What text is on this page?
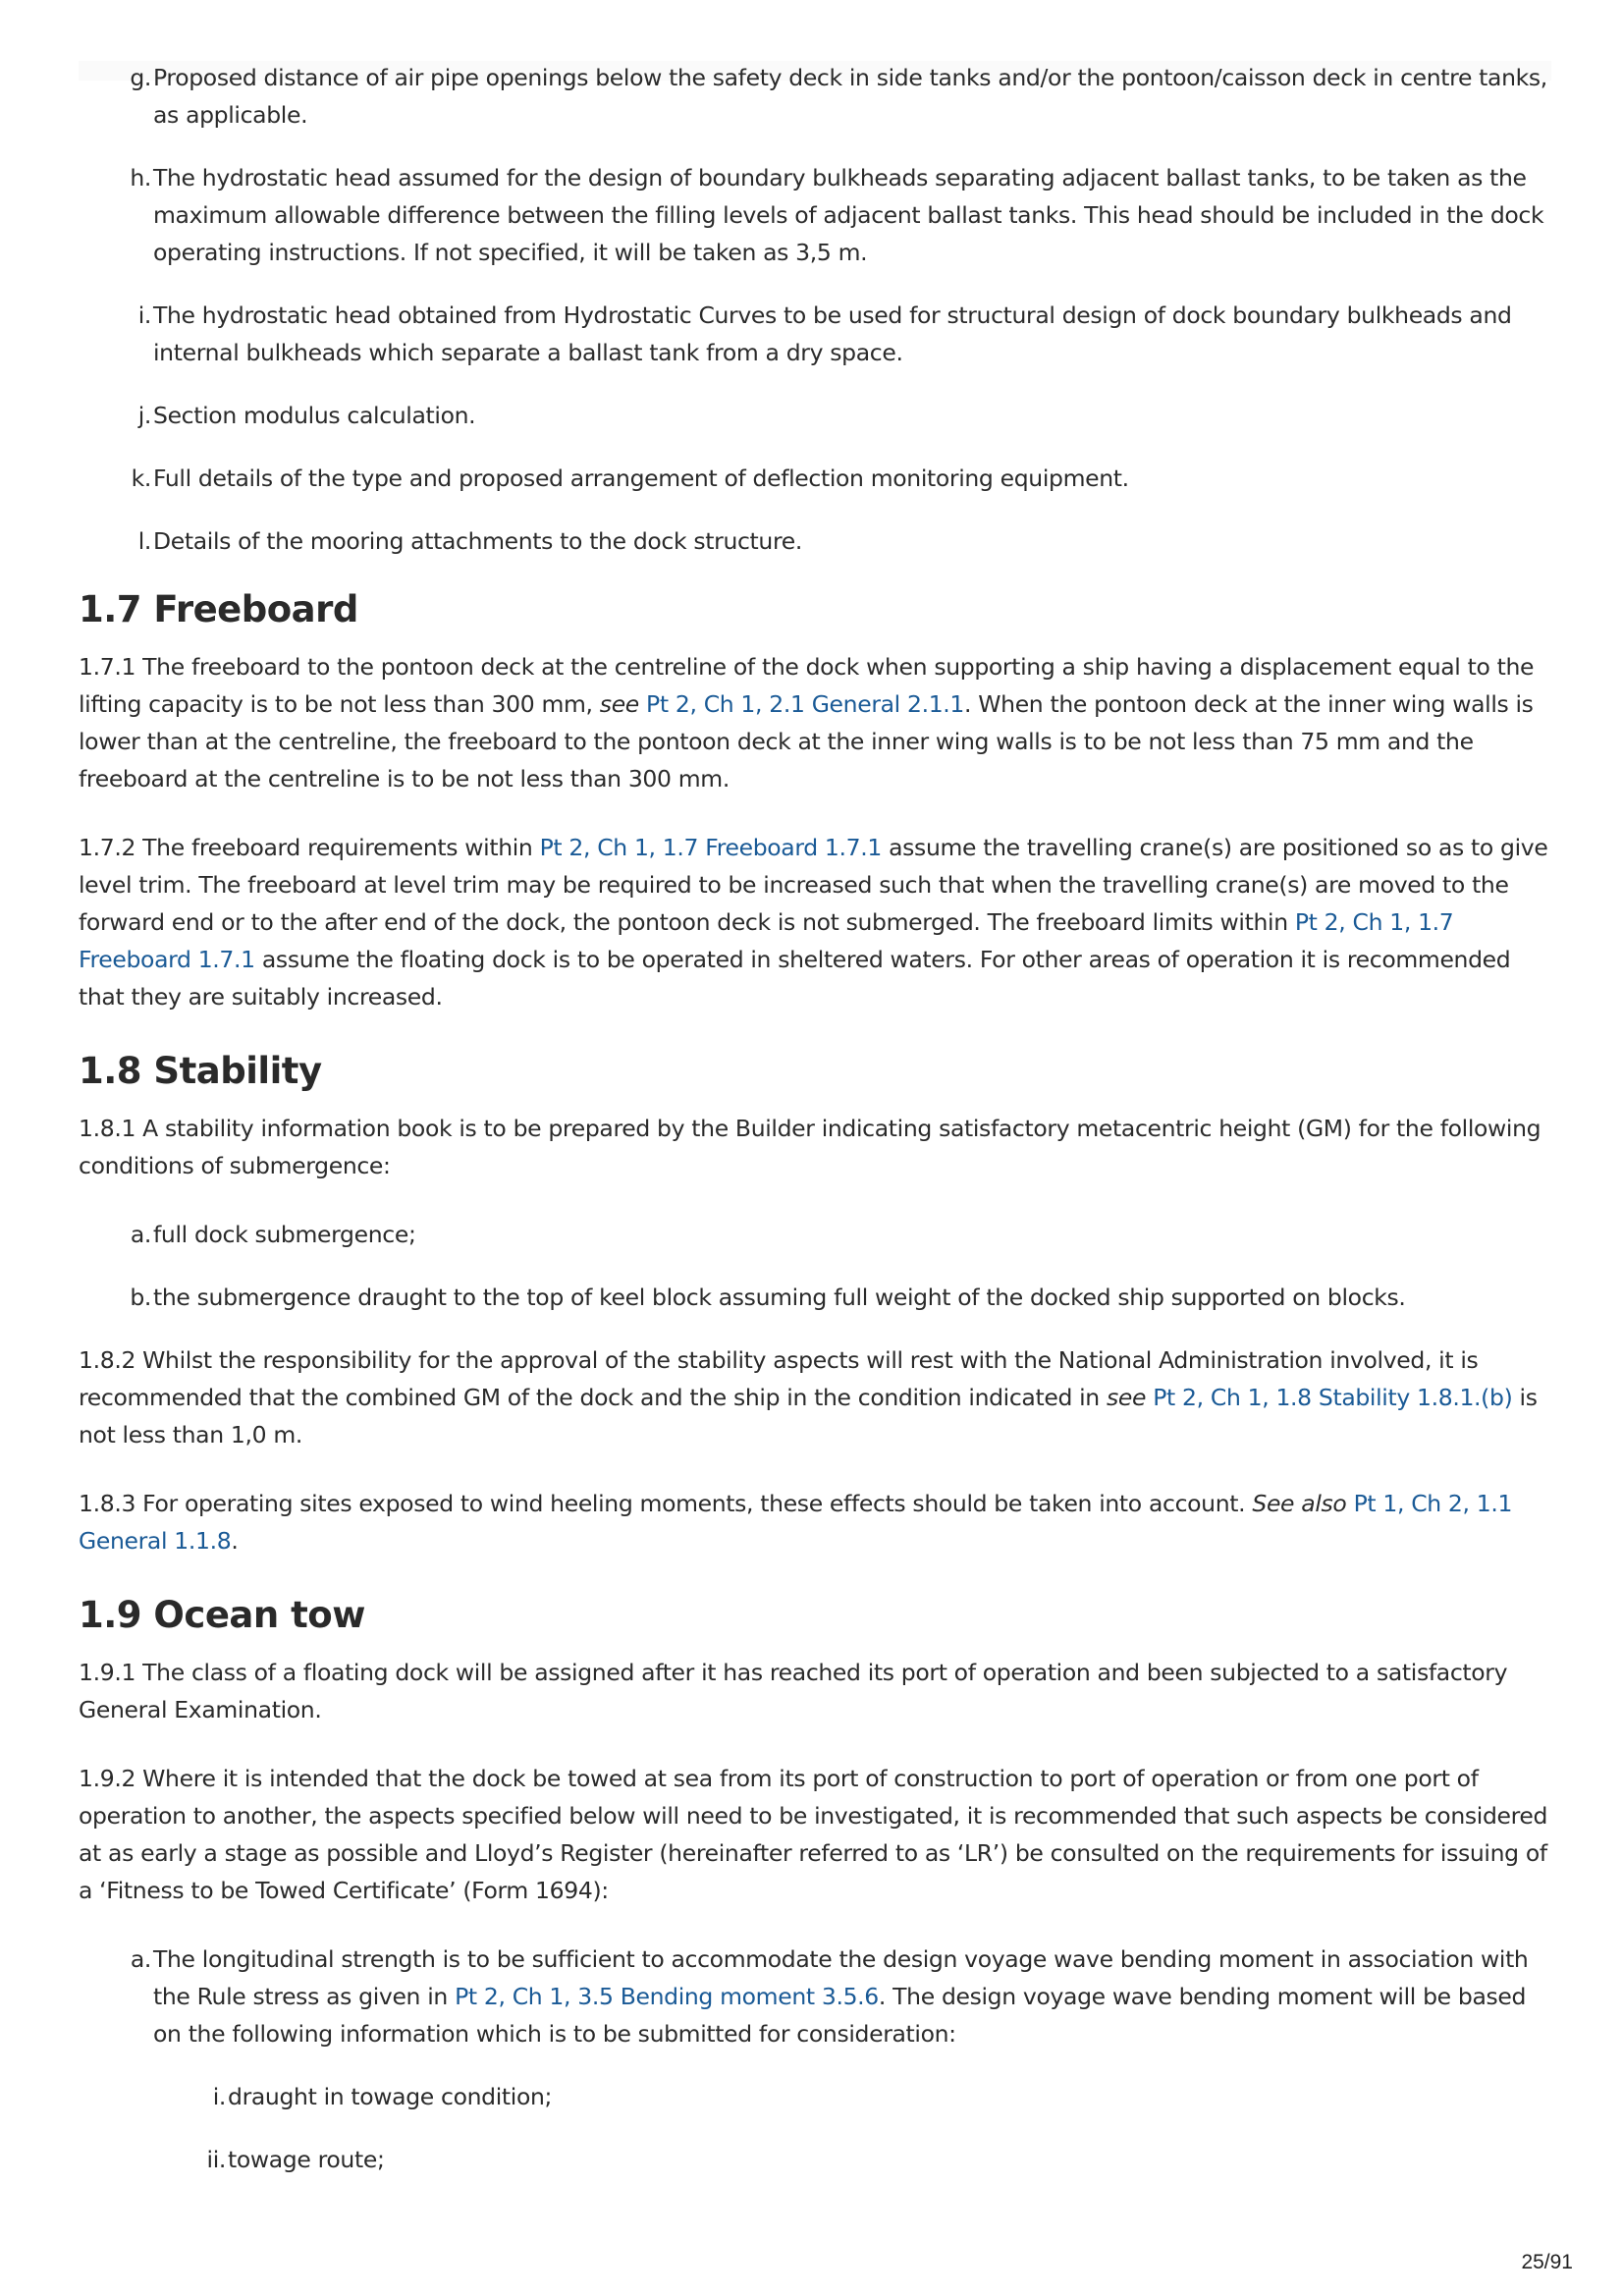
g. Proposed distance of air pipe openings below the safety deck in side tanks and/or the pontoon/caisson deck in centre tanks, as applicable.
h. The hydrostatic head assumed for the design of boundary bulkheads separating adjacent ballast tanks, to be taken as the maximum allowable difference between the filling levels of adjacent ballast tanks. This head should be included in the dock operating instructions. If not specified, it will be taken as 3,5 m.
i. The hydrostatic head obtained from Hydrostatic Curves to be used for structural design of dock boundary bulkheads and internal bulkheads which separate a ballast tank from a dry space.
j. Section modulus calculation.
k. Full details of the type and proposed arrangement of deflection monitoring equipment.
l. Details of the mooring attachments to the dock structure.
1.7 Freeboard

1.7.1 The freeboard to the pontoon deck at the centreline of the dock when supporting a ship having a displacement equal to the lifting capacity is to be not less than 300 mm, see Pt 2, Ch 1, 2.1 General 2.1.1. When the pontoon deck at the inner wing walls is lower than at the centreline, the freeboard to the pontoon deck at the inner wing walls is to be not less than 75 mm and the freeboard at the centreline is to be not less than 300 mm.

1.7.2 The freeboard requirements within Pt 2, Ch 1, 1.7 Freeboard 1.7.1 assume the travelling crane(s) are positioned so as to give level trim. The freeboard at level trim may be required to be increased such that when the travelling crane(s) are moved to the forward end or to the after end of the dock, the pontoon deck is not submerged. The freeboard limits within Pt 2, Ch 1, 1.7 Freeboard 1.7.1 assume the floating dock is to be operated in sheltered waters. For other areas of operation it is recommended that they are suitably increased.

1.8 Stability

1.8.1 A stability information book is to be prepared by the Builder indicating satisfactory metacentric height (GM) for the following conditions of submergence:

a. full dock submergence;
b. the submergence draught to the top of keel block assuming full weight of the docked ship supported on blocks.

1.8.2 Whilst the responsibility for the approval of the stability aspects will rest with the National Administration involved, it is recommended that the combined GM of the dock and the ship in the condition indicated in see Pt 2, Ch 1, 1.8 Stability 1.8.1.(b) is not less than 1,0 m.

1.8.3 For operating sites exposed to wind heeling moments, these effects should be taken into account. See also Pt 1, Ch 2, 1.1 General 1.1.8.

1.9 Ocean tow

1.9.1 The class of a floating dock will be assigned after it has reached its port of operation and been subjected to a satisfactory General Examination.

1.9.2 Where it is intended that the dock be towed at sea from its port of construction to port of operation or from one port of operation to another, the aspects specified below will need to be investigated, it is recommended that such aspects be considered at as early a stage as possible and Lloyd’s Register (hereinafter referred to as ‘LR’) be consulted on the requirements for issuing of a ‘Fitness to be Towed Certificate’ (Form 1694):

a. The longitudinal strength is to be sufficient to accommodate the design voyage wave bending moment in association with the Rule stress as given in Pt 2, Ch 1, 3.5 Bending moment 3.5.6. The design voyage wave bending moment will be based on the following information which is to be submitted for consideration:
i. draught in towage condition;
ii. towage route;
25/91
